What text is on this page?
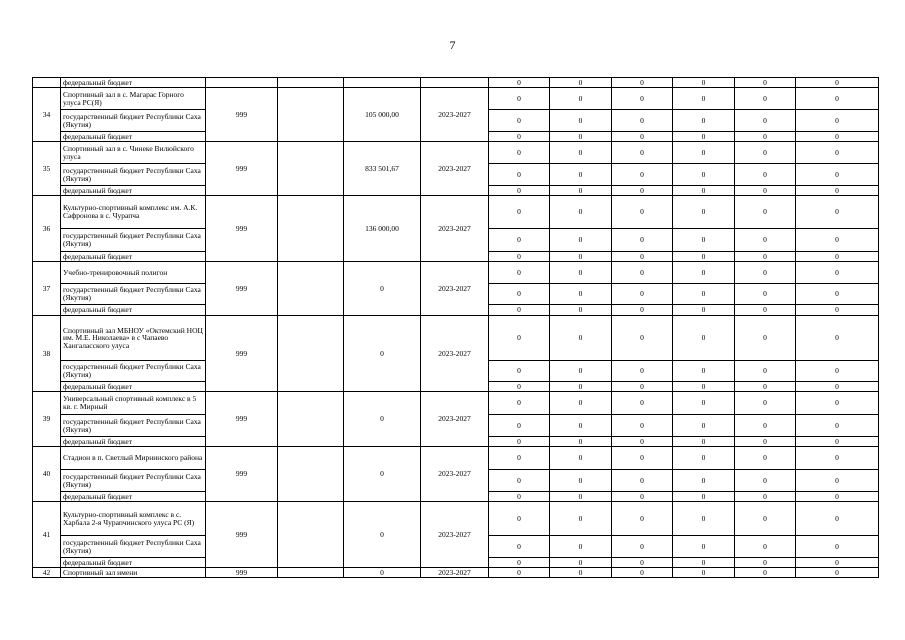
7
	федеральный бюджет					0	0	0	0	0	0
34	Спортивный зал в с. Магарас Горного улуса РС(Я)	999		105 000,00	2023-2027	0	0	0	0	0	0
	государственный бюджет Республики Саха (Якутия)					0	0	0	0	0	0
	федеральный бюджет					0	0	0	0	0	0
35	Спортивный зал в с. Чинеке Вилюйского улуса	999		833 501,67	2023-2027	0	0	0	0	0	0
	государственный бюджет Республики Саха (Якутия)					0	0	0	0	0	0
	федеральный бюджет					0	0	0	0	0	0
36	Культурно-спортивный комплекс им. А.К. Сафронова в с. Чурапча	999		136 000,00	2023-2027	0	0	0	0	0	0
	государственный бюджет Республики Саха (Якутия)					0	0	0	0	0	0
	федеральный бюджет					0	0	0	0	0	0
37	Учебно-тренировочный полигон	999		0	2023-2027	0	0	0	0	0	0
	государственный бюджет Республики Саха (Якутия)					0	0	0	0	0	0
	федеральный бюджет					0	0	0	0	0	0
38	Спортивный зал МБНОУ «Октемский НОЦ им. М.Е. Николаева» в с Чапаево Хангаласского улуса	999		0	2023-2027	0	0	0	0	0	0
	государственный бюджет Республики Саха (Якутия)					0	0	0	0	0	0
	федеральный бюджет					0	0	0	0	0	0
39	Универсальный спортивный комплекс в 5 кв. г. Мирный	999		0	2023-2027	0	0	0	0	0	0
	государственный бюджет Республики Саха (Якутия)					0	0	0	0	0	0
	федеральный бюджет					0	0	0	0	0	0
40	Стадион в п. Светлый Мирнинского района	999		0	2023-2027	0	0	0	0	0	0
	государственный бюджет Республики Саха (Якутия)					0	0	0	0	0	0
	федеральный бюджет					0	0	0	0	0	0
41	Культурно-спортивный комплекс в с. Харбала 2-я Чурапчинского улуса РС (Я)	999		0	2023-2027	0	0	0	0	0	0
	государственный бюджет Республики Саха (Якутия)					0	0	0	0	0	0
	федеральный бюджет					0	0	0	0	0	0
42	Спортивный зал имени	999		0	2023-2027	0	0	0	0	0	0
